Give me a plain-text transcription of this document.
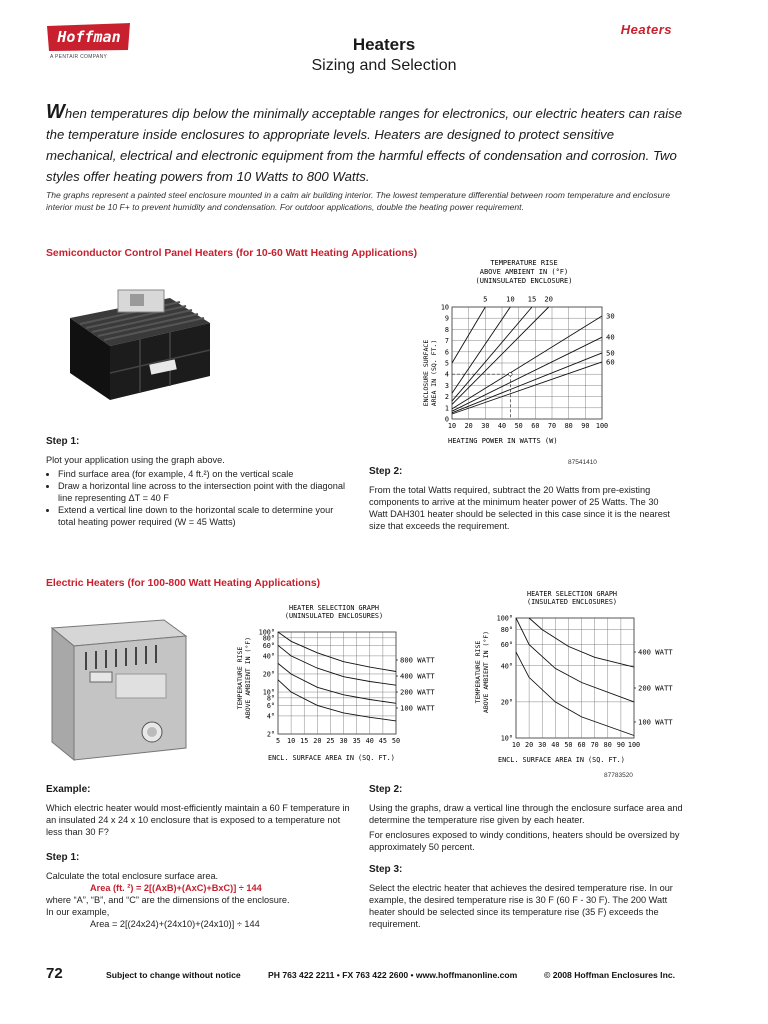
Hoffman
A PENTAIR COMPANY
Heaters
Heaters
Sizing and Selection
When temperatures dip below the minimally acceptable ranges for electronics, our electric heaters can raise the temperature inside enclosures to appropriate levels. Heaters are designed to protect sensitive mechanical, electrical and electronic equipment from the harmful effects of condensation and corrosion. Two styles offer heating powers from 10 Watts to 800 Watts.
The graphs represent a painted steel enclosure mounted in a calm air building interior. The lowest temperature differential between room temperature and enclosure interior must be 10 F+ to prevent humidity and condensation. For outdoor applications, double the heating power requirement.
Semiconductor Control Panel Heaters (for 10-60 Watt Heating Applications)
TEMPERATURE RISE
ABOVE AMBIENT IN (°F)
(UNINSULATED ENCLOSURE)
HEATING POWER IN WATTS (W)
ENCLOSURE SURFACE AREA IN (SQ. FT.)
10 20 30 40 50 60 70 80 90 100
0
1
2
3
4
5
6
7
8
9
10
5	10 15 20
30
40
50
60
87541410
Step 1:
Plot your application using the graph above.
• Find surface area (for example, 4 ft.²) on the vertical scale
• Draw a horizontal line across to the intersection point with the diagonal line representing ΔT = 40 F
• Extend a vertical line down to the horizontal scale to determine your total heating power required (W = 45 Watts)
Step 2:
From the total Watts required, subtract the 20 Watts from pre-existing components to arrive at the minimum heater power of 25 Watts. The 30 Watt DAH301 heater should be selected in this case since it is the nearest size that exceeds the requirement.
Electric Heaters (for 100-800 Watt Heating Applications)
HEATER SELECTION GRAPH
(UNINSULATED ENCLOSURES)
ENCL. SURFACE AREA IN (SQ. FT.)
TEMPERATURE RISE ABOVE AMBIENT IN (°F)
5 10 15 20 25 30 35 40 45 50
2°
4°
6°
8°
10°
20°
40°
60°
80°
100°
800 WATT
400 WATT
200 WATT
100 WATT
HEATER SELECTION GRAPH
(INSULATED ENCLOSURES)
ENCL. SURFACE AREA IN (SQ. FT.)
TEMPERATURE RISE ABOVE AMBIENT IN (°F)
10 20 30 40 50 60 70 80 90 100
10°
20°
40°
60°
80°
100°
400 WATT
200 WATT
100 WATT
87783520
Example:
Which electric heater would most-efficiently maintain a 60 F temperature in an insulated 24 x 24 x 10 enclosure that is exposed to a temperature not less than 30 F?
Step 1:
Calculate the total enclosure surface area.
Area (ft. ²) = 2[(AxB)+(AxC)+BxC)] ÷ 144
where “A”, “B”, and “C” are the dimensions of the enclosure.
In our example,
Area = 2[(24x24)+(24x10)+(24x10)] ÷ 144
Step 2:
Using the graphs, draw a vertical line through the enclosure surface area and determine the temperature rise given by each heater.
For enclosures exposed to windy conditions, heaters should be oversized by approximately 50 percent.
Step 3:
Select the electric heater that achieves the desired temperature rise. In our example, the desired temperature rise is 30 F (60 F - 30 F). The 200 Watt heater should be selected since its temperature rise (35 F) exceeds the requirement.
72	Subject to change without notice	PH 763 422 2211 • FX 763 422 2600 • www.hoffmanonline.com	© 2008 Hoffman Enclosures Inc.
